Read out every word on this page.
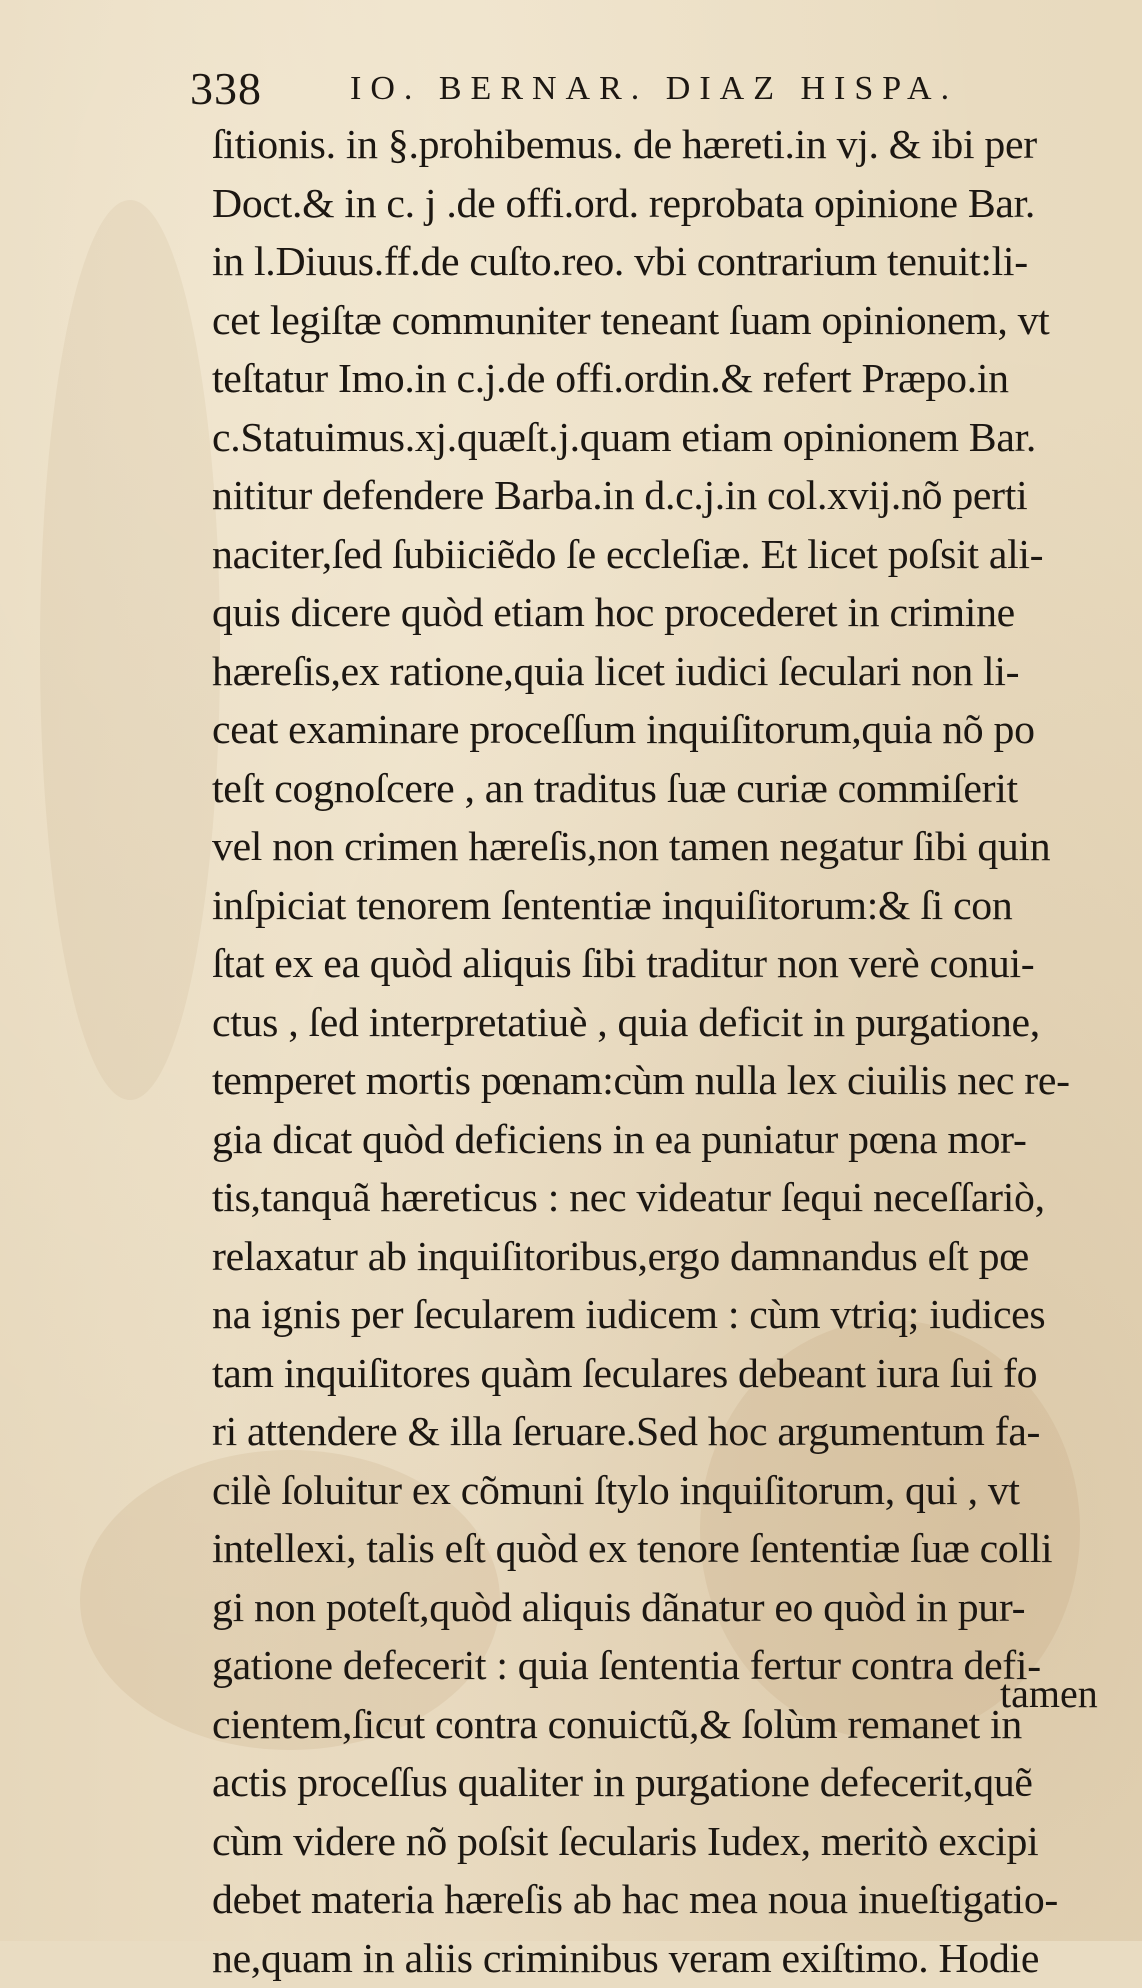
338	IO. BERNAR. DIAZ HISPA.
ſitionis. in §.prohibemus. de hæreti.in vj. & ibi per
Doct.& in c. j .de offi.ord. reprobata opinione Bar.
in l.Diuus.ff.de cuſto.reo. vbi contrarium tenuit:li-
cet legiſtæ communiter teneant ſuam opinionem, vt
teſtatur Imo.in c.j.de offi.ordin.& refert Præpo.in
c.Statuimus.xj.quæſt.j.quam etiam opinionem Bar.
nititur defendere Barba.in d.c.j.in col.xvij.nõ perti
naciter,ſed ſubiiciẽdo ſe eccleſiæ. Et licet poſsit ali-
quis dicere quòd etiam hoc procederet in crimine
hæreſis,ex ratione,quia licet iudici ſeculari non li-
ceat examinare proceſſum inquiſitorum,quia nõ po
teſt cognoſcere , an traditus ſuæ curiæ commiſerit
vel non crimen hæreſis,non tamen negatur ſibi quin
inſpiciat tenorem ſententiæ inquiſitorum:& ſi con
ſtat ex ea quòd aliquis ſibi traditur non verè conui-
ctus , ſed interpretatiuè , quia deficit in purgatione,
temperet mortis pœnam:cùm nulla lex ciuilis nec re-
gia dicat quòd deficiens in ea puniatur pœna mor-
tis,tanquã hæreticus : nec videatur ſequi neceſſariò,
relaxatur ab inquiſitoribus,ergo damnandus eſt pœ
na ignis per ſecularem iudicem : cùm vtriq; iudices
tam inquiſitores quàm ſeculares debeant iura ſui fo
ri attendere & illa ſeruare.Sed hoc argumentum fa-
cilè ſoluitur ex cõmuni ſtylo inquiſitorum, qui , vt
intellexi, talis eſt quòd ex tenore ſententiæ ſuæ colli
gi non poteſt,quòd aliquis dãnatur eo quòd in pur-
gatione defecerit : quia ſententia fertur contra defi-
cientem,ſicut contra conuictũ,& ſolùm remanet in
actis proceſſus qualiter in purgatione defecerit,quẽ
cùm videre nõ poſsit ſecularis Iudex, meritò excipi
debet materia hæreſis ab hac mea noua inueſtigatio-
ne,quam in aliis criminibus veram exiſtimo. Hodie
tamen
